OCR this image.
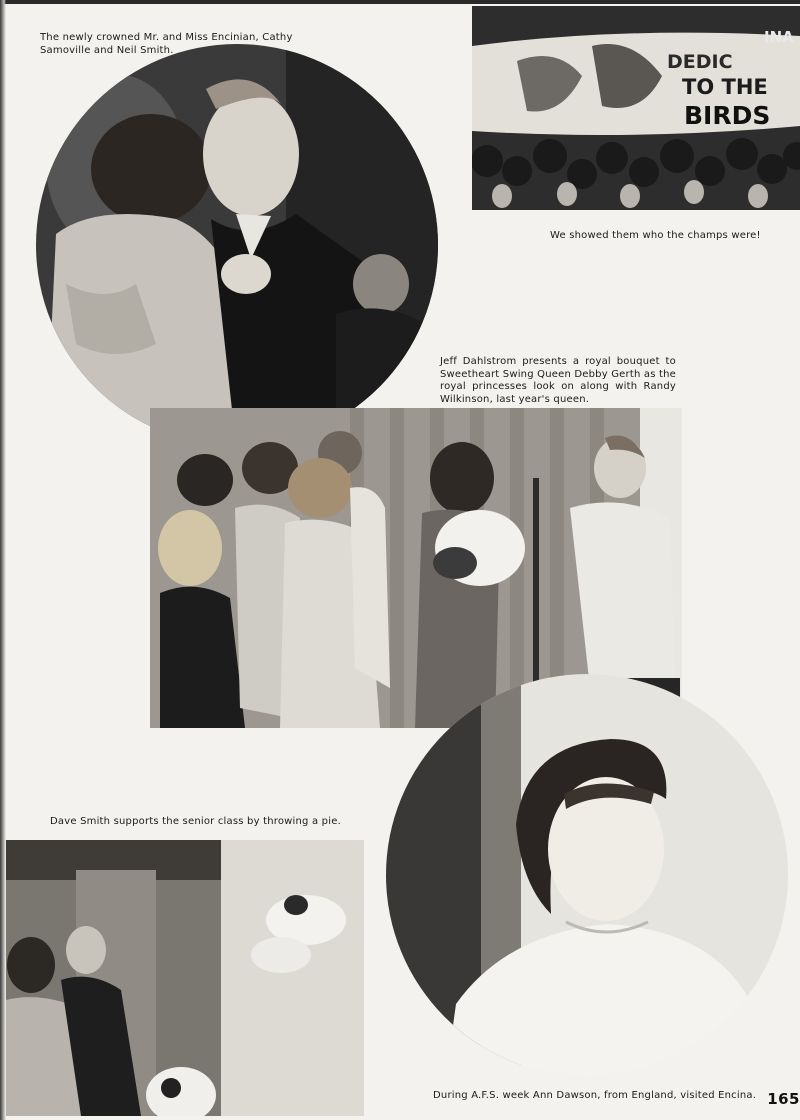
The newly crowned Mr. and Miss Encinian, Cathy Samoville and Neil Smith.
DEDIC
TO THE
BIRDS
INA
We showed them who the champs were!
Jeff Dahlstrom presents a royal bouquet to Sweetheart Swing Queen Debby Gerth as the royal princesses look on along with Randy Wilkinson, last year's queen.
Dave Smith supports the senior class by throwing a pie.
During A.F.S. week Ann Dawson, from England, visited Encina. 165
